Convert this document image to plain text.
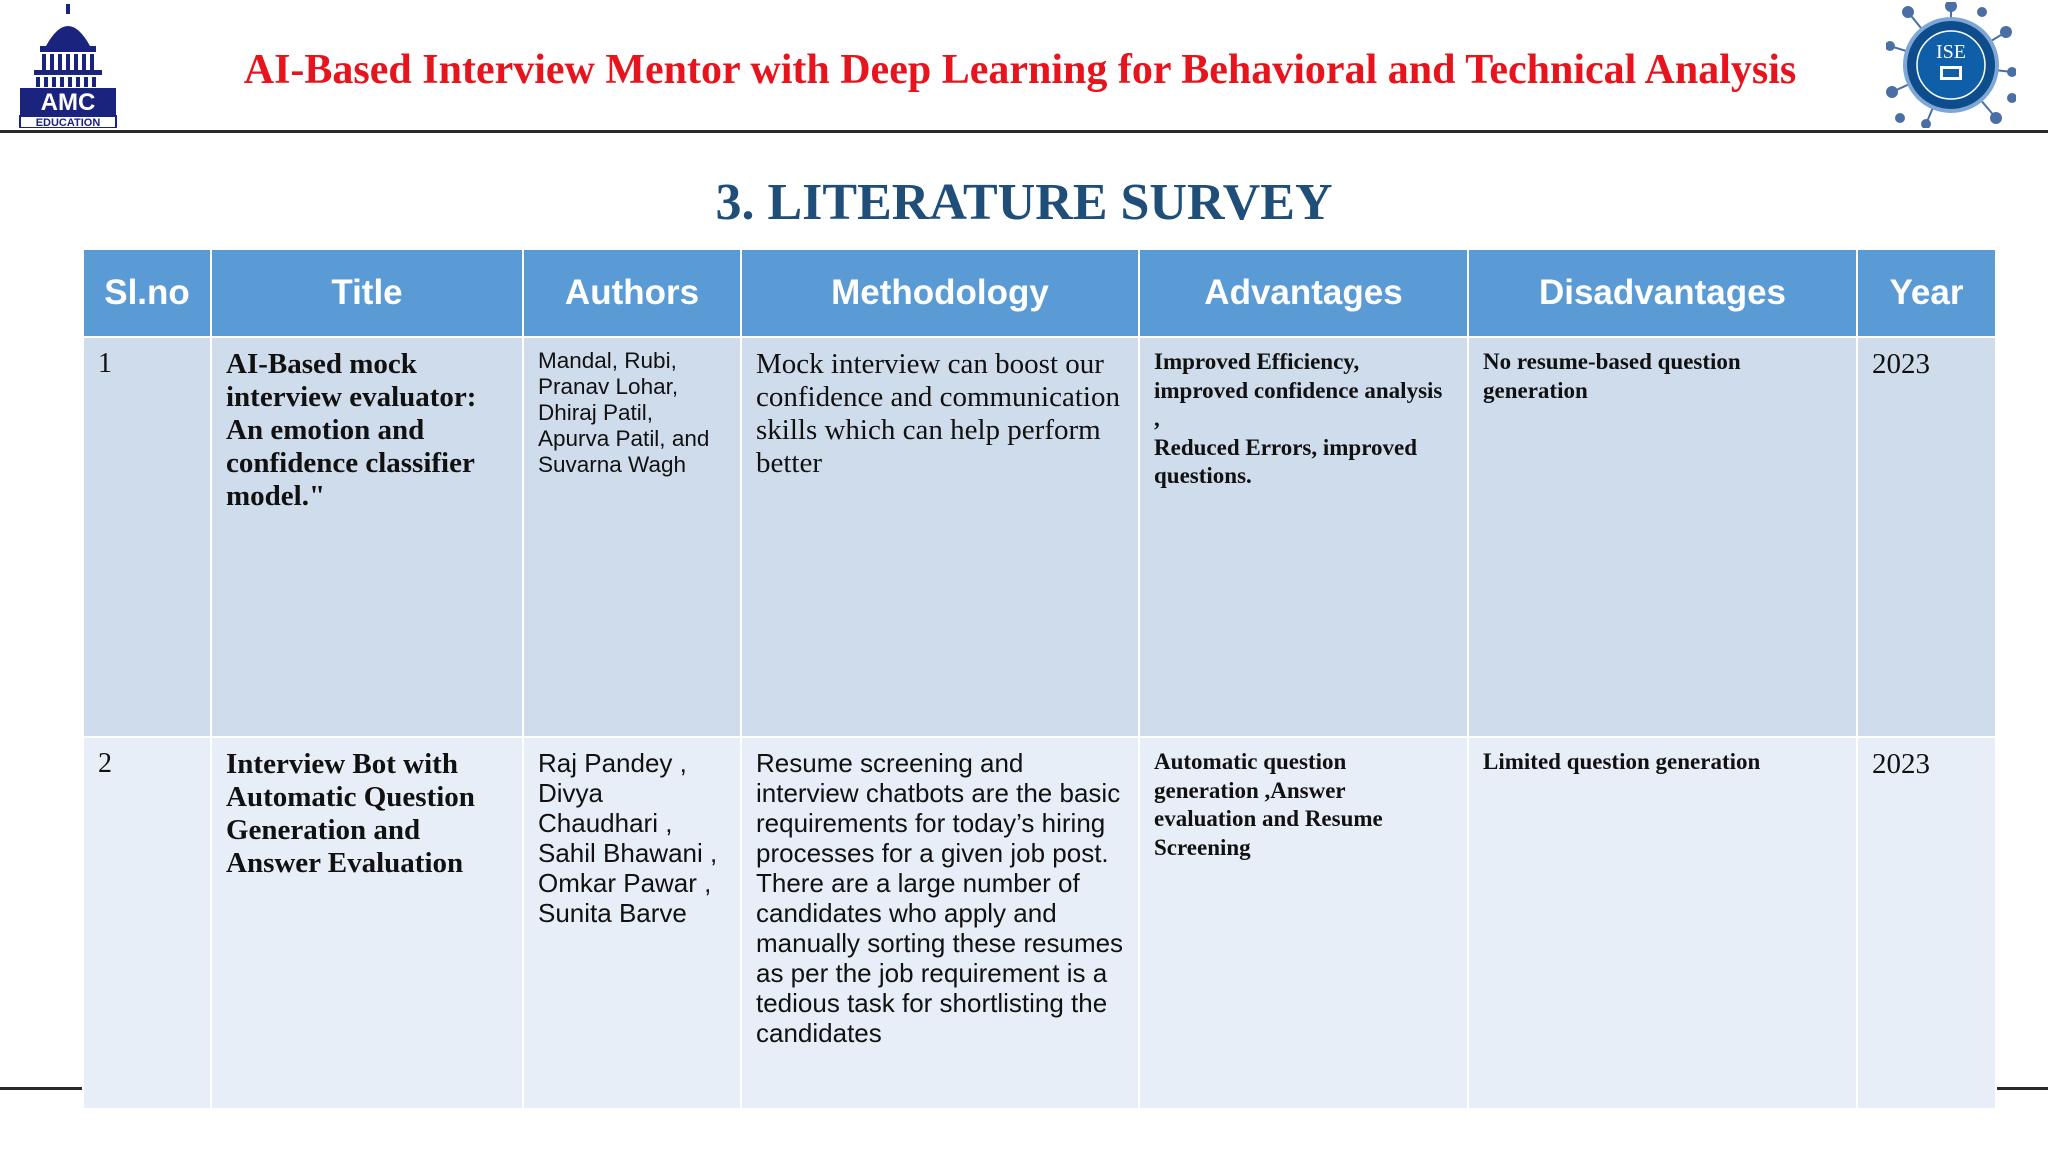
AMC
EDUCATION
AI-Based Interview Mentor with Deep Learning for Behavioral and Technical Analysis	ISE
3. LITERATURE SURVEY
Sl.no	Title	Authors	Methodology	Advantages	Disadvantages	Year
1	AI-Based mock interview evaluator: An emotion and confidence classifier model."	Mandal, Rubi, Pranav Lohar, Dhiraj Patil, Apurva Patil, and Suvarna Wagh	Mock interview can boost our confidence and communication skills which can help perform better	Improved Efficiency, improved confidence analysis ,
Reduced Errors, improved
questions.	No resume-based question generation	2023
2	Interview Bot with Automatic Question Generation and Answer Evaluation	Raj Pandey , Divya Chaudhari , Sahil Bhawani , Omkar Pawar , Sunita Barve	Resume screening and interview chatbots are the basic requirements for today’s hiring processes for a given job post. There are a large number of candidates who apply and manually sorting these resumes as per the job requirement is a tedious task for shortlisting the candidates	Automatic question generation ,Answer evaluation and Resume Screening	Limited question generation	2023
